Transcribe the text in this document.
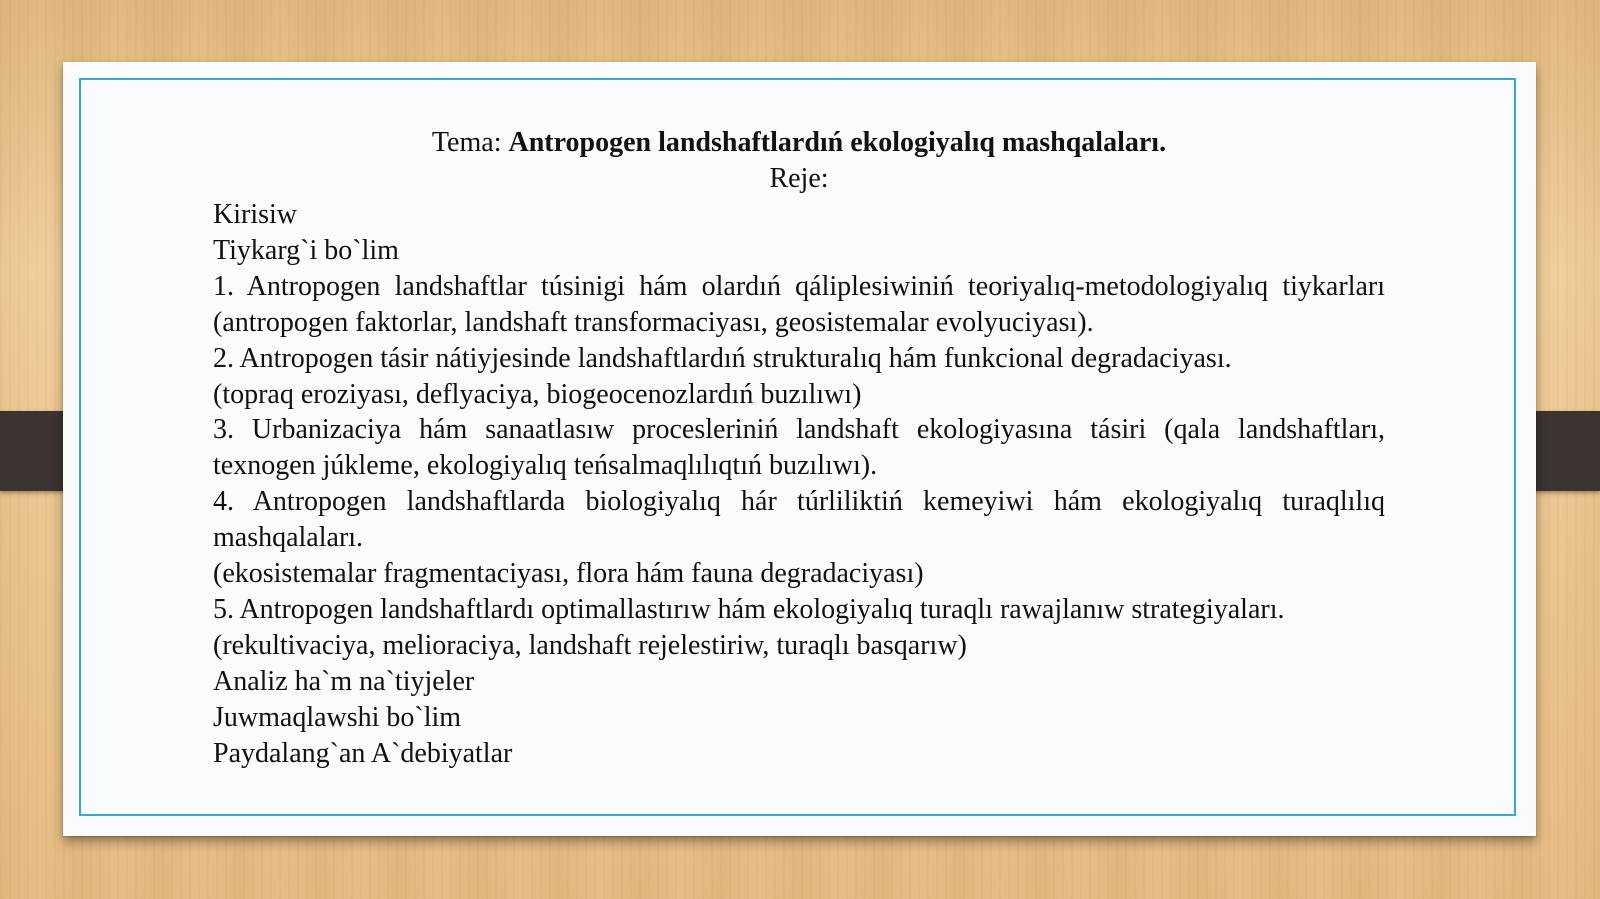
Tema: Antropogen landshaftlardıń ekologiyalıq mashqalaları.
Reje:

Kirisiw

Tiykarg`i bo`lim

1. Antropogen landshaftlar túsinigi hám olardıń qáliplesiwiniń teoriyalıq-metodologiyalıq tiykarları (antropogen faktorlar, landshaft transformaciyası, geosistemalar evolyuciyası).

2. Antropogen tásir nátiyjesinde landshaftlardıń strukturalıq hám funkcional degradaciyası.

(topraq eroziyası, deflyaciya, biogeocenozlardıń buzılıwı)

3. Urbanizaciya hám sanaatlasıw procesleriniń landshaft ekologiyasına tásiri (qala landshaftları, texnogen júkleme, ekologiyalıq teńsalmaqlılıqtıń buzılıwı).

4. Antropogen landshaftlarda biologiyalıq hár túrliliktiń kemeyiwi hám ekologiyalıq turaqlılıq mashqalaları.

(ekosistemalar fragmentaciyası, flora hám fauna degradaciyası)

5. Antropogen landshaftlardı optimallastırıw hám ekologiyalıq turaqlı rawajlanıw strategiyaları.

(rekultivaciya, melioraciya, landshaft rejelestiriw, turaqlı basqarıw)

Analiz ha`m na`tiyjeler

Juwmaqlawshi bo`lim

Paydalang`an A`debiyatlar
